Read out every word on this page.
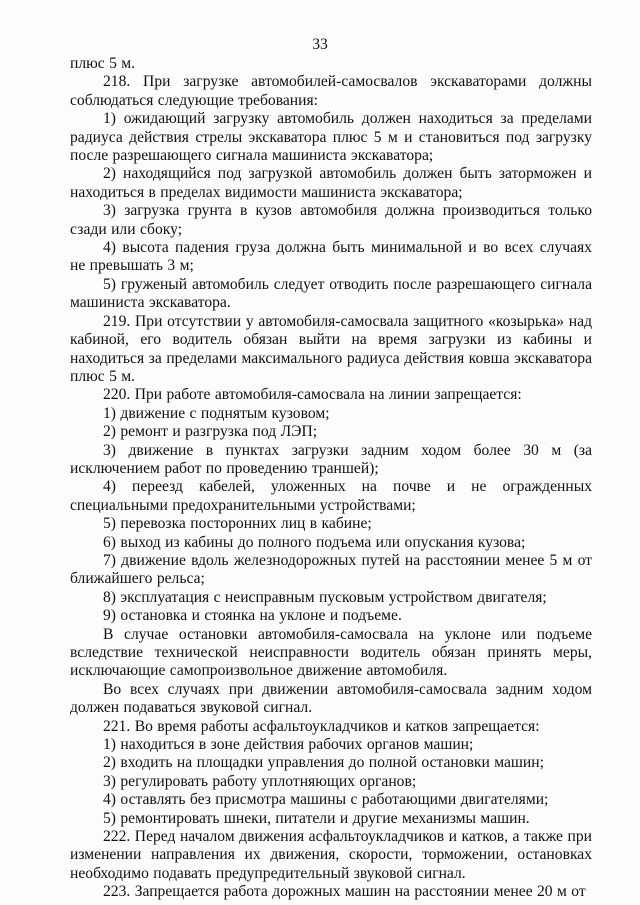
33

плюс 5 м.

218. При загрузке автомобилей-самосвалов экскаваторами должны соблюдаться следующие требования:

1) ожидающий загрузку автомобиль должен находиться за пределами радиуса действия стрелы экскаватора плюс 5 м и становиться под загрузку после разрешающего сигнала машиниста экскаватора;

2) находящийся под загрузкой автомобиль должен быть заторможен и находиться в пределах видимости машиниста экскаватора;

3) загрузка грунта в кузов автомобиля должна производиться только сзади или сбоку;

4) высота падения груза должна быть минимальной и во всех случаях не превышать 3 м;

5) груженый автомобиль следует отводить после разрешающего сигнала машиниста экскаватора.

219. При отсутствии у автомобиля-самосвала защитного «козырька» над кабиной, его водитель обязан выйти на время загрузки из кабины и находиться за пределами максимального радиуса действия ковша экскаватора плюс 5 м.

220. При работе автомобиля-самосвала на линии запрещается:

1) движение с поднятым кузовом;

2) ремонт и разгрузка под ЛЭП;

3) движение в пунктах загрузки задним ходом более 30 м (за исключением работ по проведению траншей);

4) переезд кабелей, уложенных на почве и не огражденных специальными предохранительными устройствами;

5) перевозка посторонних лиц в кабине;

6) выход из кабины до полного подъема или опускания кузова;

7) движение вдоль железнодорожных путей на расстоянии менее 5 м от ближайшего рельса;

8) эксплуатация с неисправным пусковым устройством двигателя;

9) остановка и стоянка на уклоне и подъеме.

В случае остановки автомобиля-самосвала на уклоне или подъеме вследствие технической неисправности водитель обязан принять меры, исключающие самопроизвольное движение автомобиля.

Во всех случаях при движении автомобиля-самосвала задним ходом должен подаваться звуковой сигнал.

221. Во время работы асфальтоукладчиков и катков запрещается:

1) находиться в зоне действия рабочих органов машин;

2) входить на площадки управления до полной остановки машин;

3) регулировать работу уплотняющих органов;

4) оставлять без присмотра машины с работающими двигателями;

5) ремонтировать шнеки, питатели и другие механизмы машин.

222. Перед началом движения асфальтоукладчиков и катков, а также при изменении направления их движения, скорости, торможении, остановках необходимо подавать предупредительный звуковой сигнал.

223. Запрещается работа дорожных машин на расстоянии менее 20 м от
